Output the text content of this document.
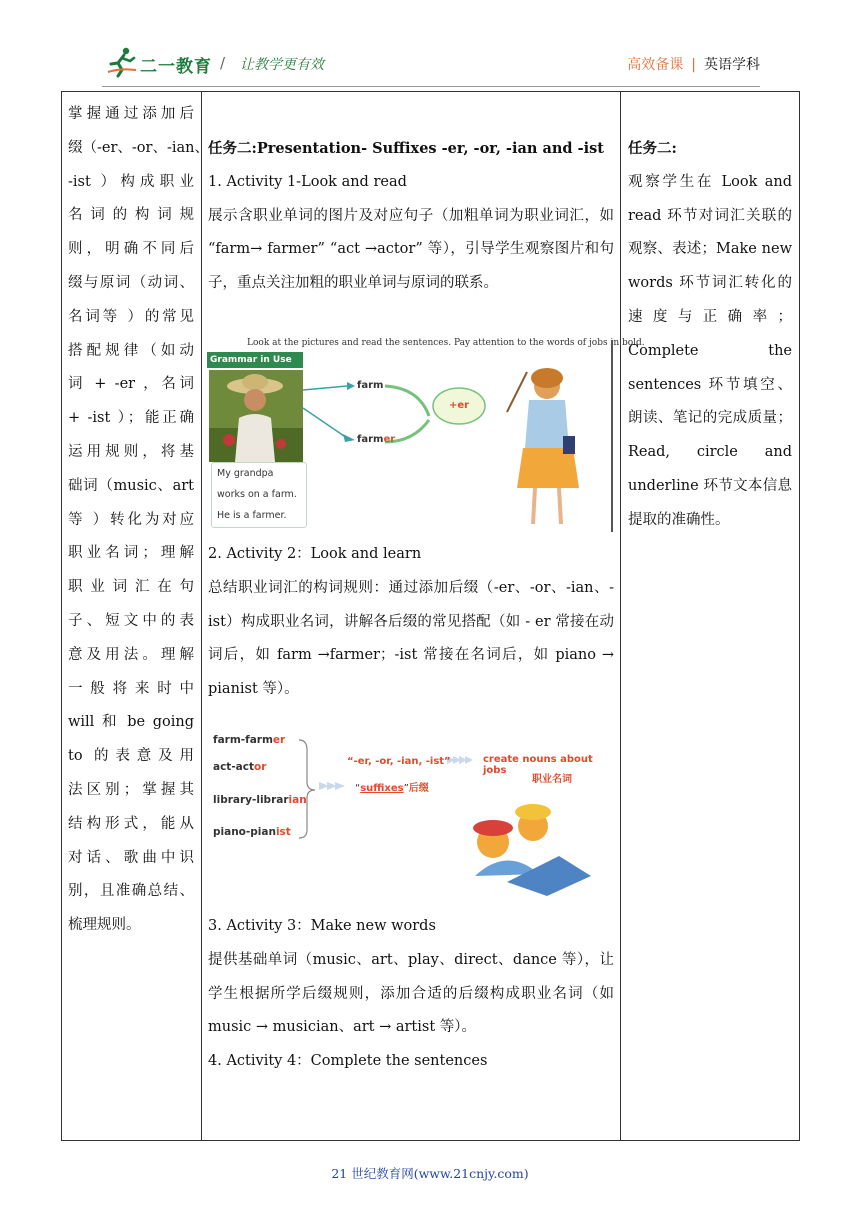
二一教育 / 让教学更有效	高效备课 | 英语学科
掌握通过添加后
缀（-er、-or、-ian、
-ist ）构成职业
名词的构词规
则，明确不同后
缀与原词（动词、
名词等 ）的常见
搭配规律（如动
词 + -er ，名词
+ -ist ）；能正确
运用规则，将基
础词（music、art
等 ）转化为对应
职业名词；理解
职业词汇在句
子、短文中的表
意及用法。理解
一般将来时中
will 和 be going
to 的表意及用
法区别；掌握其
结构形式，能从
对话、歌曲中识
别，且准确总结、
梳理规则。

任务二:Presentation- Suffixes -er, -or, -ian and -ist

1. Activity 1-Look and read

展示含职业单词的图片及对应句子（加粗单词为职业词汇，如 “farm→ farmer” “act →actor” 等），引导学生观察图片和句子，重点关注加粗的职业单词与原词的联系。

Look at the pictures and read the sentences. Pay attention to the words of jobs in bold.
Grammar in Use
My grandpa
works on a farm.
He is a farmer.
farm
farmer
+er

2. Activity 2：Look and learn

总结职业词汇的构词规则：通过添加后缀（-er、-or、-ian、-ist）构成职业名词，讲解各后缀的常见搭配（如 - er 常接在动词后，如 farm →farmer；-ist 常接在名词后，如 piano → pianist 等）。

farm-farmer
act-actor
library-librarian
piano-pianist
“-er, -or, -ian, -ist”
“suffixes”后缀
create nouns about jobs
职业名词

3. Activity 3：Make new words

提供基础单词（music、art、play、direct、dance 等），让学生根据所学后缀规则，添加合适的后缀构成职业名词（如 music → musician、art → artist 等）。

4. Activity 4：Complete the sentences

任务二:

观察学生在 Look and read 环节对词汇关联的观察、表述；Make new words 环节词汇转化的速度与正确率； Complete the sentences 环节填空、朗读、笔记的完成质量； Read, circle and underline 环节文本信息提取的准确性。

21 世纪教育网(www.21cnjy.com)
